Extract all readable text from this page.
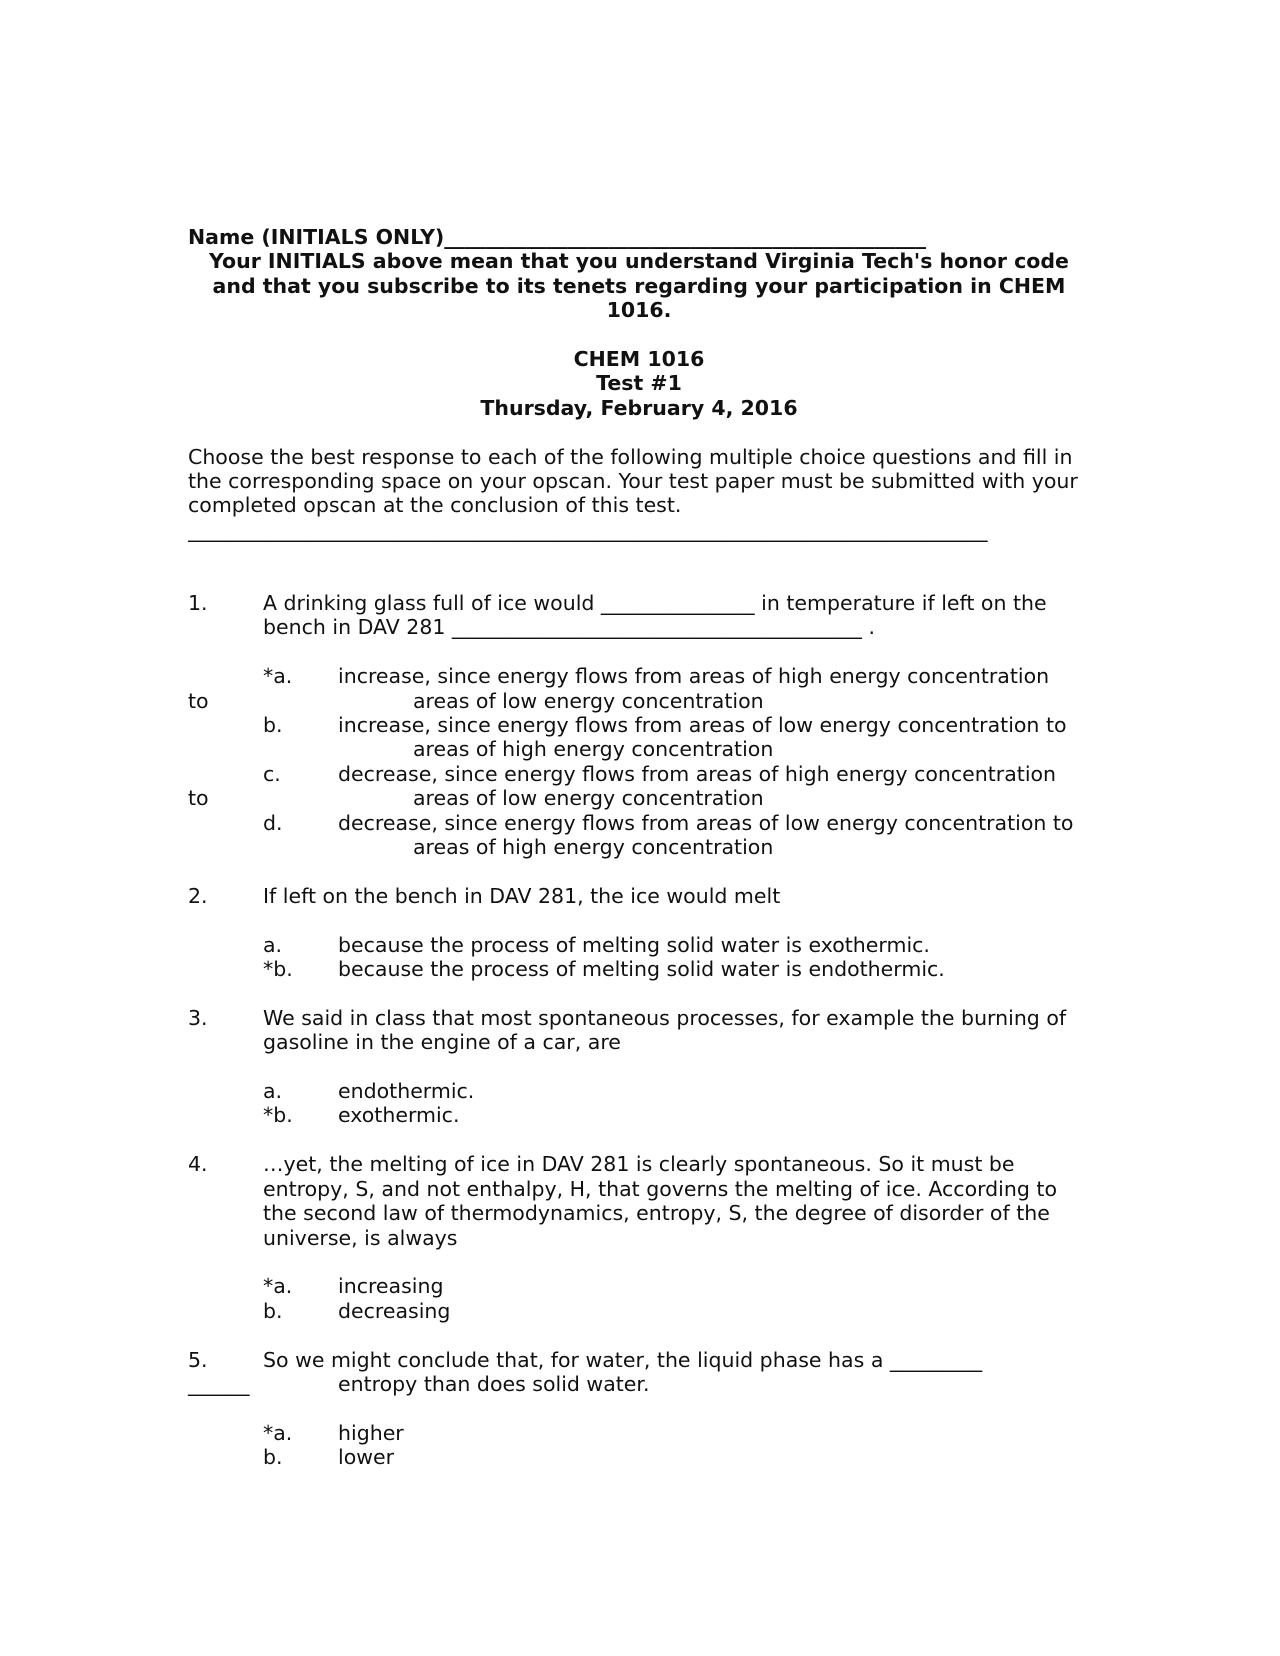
Name (INITIALS ONLY)_______________________________________________
Your INITIALS above mean that you understand Virginia Tech's honor code
and that you subscribe to its tenets regarding your participation in CHEM
1016.
CHEM 1016
Test #1
Thursday, February 4, 2016
Choose the best response to each of the following multiple choice questions and fill in the corresponding space on your opscan. Your test paper must be submitted with your completed opscan at the conclusion of this test.
______________________________________________________________________________
1.	A drinking glass full of ice would _______________ in temperature if left on the
bench in DAV 281 ________________________________________ .
*a. increase, since energy flows from areas of high energy concentration
to	areas of low energy concentration
b.	increase, since energy flows from areas of low energy concentration to
areas of high energy concentration
c.	decrease, since energy flows from areas of high energy concentration
to	areas of low energy concentration
d.	decrease, since energy flows from areas of low energy concentration to
areas of high energy concentration
2.	If left on the bench in DAV 281, the ice would melt
a.	because the process of melting solid water is exothermic.
*b. because the process of melting solid water is endothermic.
3.	We said in class that most spontaneous processes, for example the burning of
gasoline in the engine of a car, are
a.	endothermic.
*b. exothermic.
4.	…yet, the melting of ice in DAV 281 is clearly spontaneous. So it must be
entropy, S, and not enthalpy, H, that governs the melting of ice. According to
the second law of thermodynamics, entropy, S, the degree of disorder of the
universe, is always
*a. increasing
b.	decreasing
5.	So we might conclude that, for water, the liquid phase has a _________
______	entropy than does solid water.
*a. higher
b.	lower
